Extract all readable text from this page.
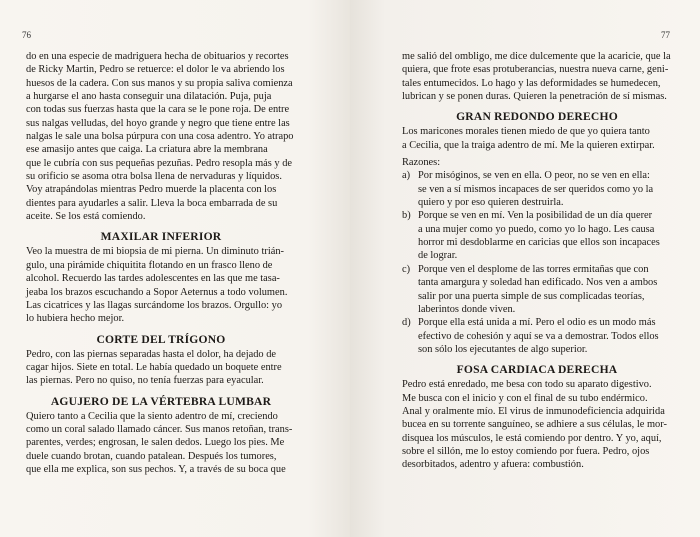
76

do en una especie de madriguera hecha de obituarios y recortes

de Ricky Martin, Pedro se retuerce: el dolor le va abriendo los

huesos de la cadera. Con sus manos y su propia saliva comienza

a hurgarse el ano hasta conseguir una dilatación. Puja, puja

con todas sus fuerzas hasta que la cara se le pone roja. De entre

sus nalgas velludas, del hoyo grande y negro que tiene entre las

nalgas le sale una bolsa púrpura con una cosa adentro. Yo atrapo

ese amasijo antes que caiga. La criatura abre la membrana

que le cubría con sus pequeñas pezuñas. Pedro resopla más y de

su orificio se asoma otra bolsa llena de nervaduras y líquidos.

Voy atrapándolas mientras Pedro muerde la placenta con los

dientes para ayudarles a salir. Lleva la boca embarrada de su

aceite. Se los está comiendo.

MAXILAR INFERIOR

Veo la muestra de mi biopsia de mi pierna. Un diminuto trián-

gulo, una pirámide chiquitita flotando en un frasco lleno de

alcohol. Recuerdo las tardes adolescentes en las que me tasa-

jeaba los brazos escuchando a Sopor Aeternus a todo volumen.

Las cicatrices y las llagas surcándome los brazos. Orgullo: yo

lo hubiera hecho mejor.

CORTE DEL TRÍGONO

Pedro, con las piernas separadas hasta el dolor, ha dejado de

cagar hijos. Siete en total. Le había quedado un boquete entre

las piernas. Pero no quiso, no tenía fuerzas para eyacular.

AGUJERO DE LA VÉRTEBRA LUMBAR

Quiero tanto a Cecilia que la siento adentro de mí, creciendo

como un coral salado llamado cáncer. Sus manos retoñan, trans-

parentes, verdes; engrosan, le salen dedos. Luego los pies. Me

duele cuando brotan, cuando patalean. Después los tumores,

que ella me explica, son sus pechos. Y, a través de su boca que

77

me salió del ombligo, me dice dulcemente que la acaricie, que la

quiera, que frote esas protuberancias, nuestra nueva carne, geni-

tales entumecidos. Lo hago y las deformidades se humedecen,

lubrican y se ponen duras. Quieren la penetración de sí mismas.

GRAN REDONDO DERECHO

Los maricones morales tienen miedo de que yo quiera tanto

a Cecilia, que la traiga adentro de mí. Me la quieren extirpar.

Razones:

a) Por misóginos, se ven en ella. O peor, no se ven en ella:
se ven a sí mismos incapaces de ser queridos como yo la
quiero y por eso quieren destruirla.
b) Porque se ven en mí. Ven la posibilidad de un día querer
a una mujer como yo puedo, como yo lo hago. Les causa
horror mi desdoblarme en caricias que ellos son incapaces
de lograr.
c) Porque ven el desplome de las torres ermitañas que con
tanta amargura y soledad han edificado. Nos ven a ambos
salir por una puerta simple de sus complicadas teorías,
laberintos donde viven.
d) Porque ella está unida a mí. Pero el odio es un modo más
efectivo de cohesión y aquí se va a demostrar. Todos ellos
son sólo los ejecutantes de algo superior.
FOSA CARDIACA DERECHA

Pedro está enredado, me besa con todo su aparato digestivo.

Me busca con el inicio y con el final de su tubo endérmico.

Anal y oralmente mío. El virus de inmunodeficiencia adquirida

bucea en su torrente sanguíneo, se adhiere a sus células, le mor-

disquea los músculos, le está comiendo por dentro. Y yo, aquí,

sobre el sillón, me lo estoy comiendo por fuera. Pedro, ojos

desorbitados, adentro y afuera: combustión.
